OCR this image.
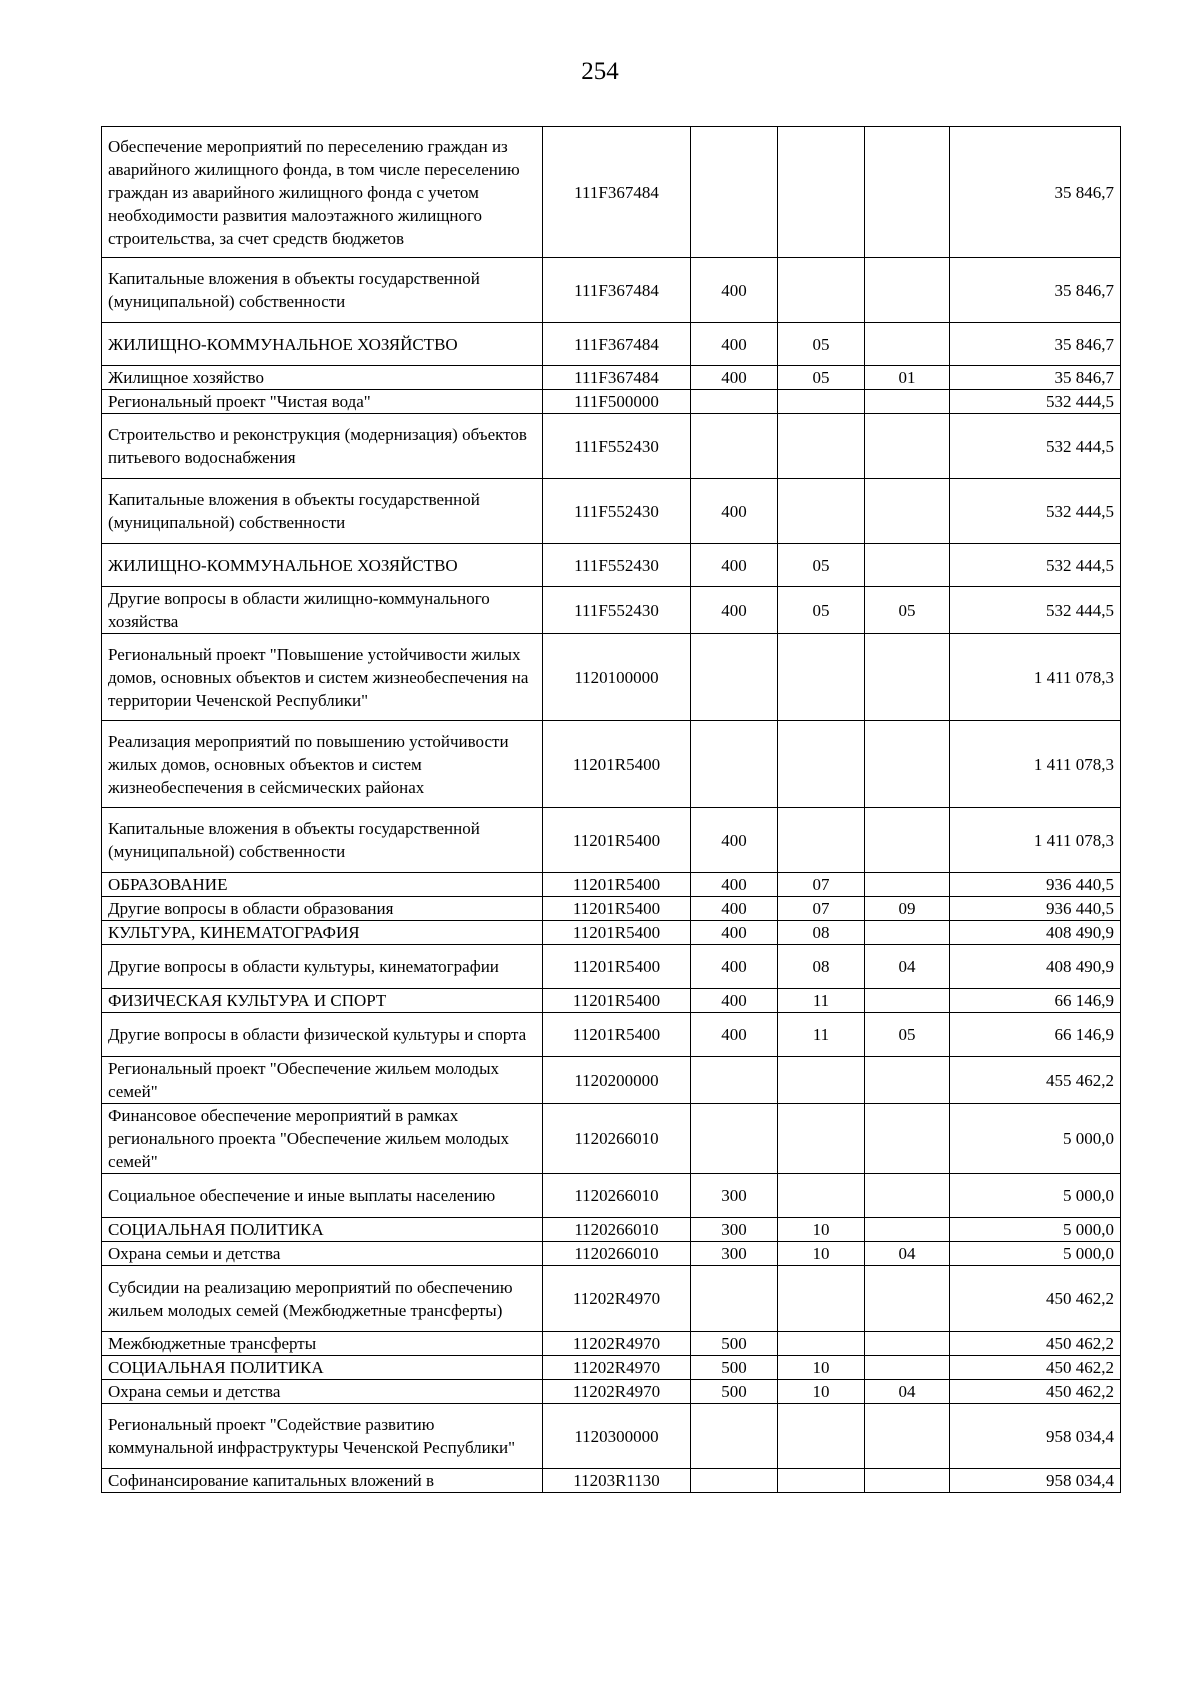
254
Обеспечение мероприятий по переселению граждан из аварийного жилищного фонда, в том числе переселению граждан из аварийного жилищного фонда с учетом необходимости развития малоэтажного жилищного строительства, за счет средств бюджетов	111F367484				35 846,7
Капитальные вложения в объекты государственной (муниципальной) собственности	111F367484	400			35 846,7
ЖИЛИЩНО-КОММУНАЛЬНОЕ ХОЗЯЙСТВО	111F367484	400	05		35 846,7
Жилищное хозяйство	111F367484	400	05	01	35 846,7
Региональный проект "Чистая вода"	111F500000				532 444,5
Строительство и реконструкция (модернизация) объектов питьевого водоснабжения	111F552430				532 444,5
Капитальные вложения в объекты государственной (муниципальной) собственности	111F552430	400			532 444,5
ЖИЛИЩНО-КОММУНАЛЬНОЕ ХОЗЯЙСТВО	111F552430	400	05		532 444,5
Другие вопросы в области жилищно-коммунального хозяйства	111F552430	400	05	05	532 444,5
Региональный проект "Повышение устойчивости жилых домов, основных объектов и систем жизнеобеспечения на территории Чеченской Республики"	1120100000				1 411 078,3
Реализация мероприятий по повышению устойчивости жилых домов, основных объектов и систем жизнеобеспечения в сейсмических районах	11201R5400				1 411 078,3
Капитальные вложения в объекты государственной (муниципальной) собственности	11201R5400	400			1 411 078,3
ОБРАЗОВАНИЕ	11201R5400	400	07		936 440,5
Другие вопросы в области образования	11201R5400	400	07	09	936 440,5
КУЛЬТУРА, КИНЕМАТОГРАФИЯ	11201R5400	400	08		408 490,9
Другие вопросы в области культуры, кинематографии	11201R5400	400	08	04	408 490,9
ФИЗИЧЕСКАЯ КУЛЬТУРА И СПОРТ	11201R5400	400	11		66 146,9
Другие вопросы в области физической культуры и спорта	11201R5400	400	11	05	66 146,9
Региональный проект "Обеспечение жильем молодых семей"	1120200000				455 462,2
Финансовое обеспечение мероприятий в рамках регионального проекта "Обеспечение жильем молодых семей"	1120266010				5 000,0
Социальное обеспечение и иные выплаты населению	1120266010	300			5 000,0
СОЦИАЛЬНАЯ ПОЛИТИКА	1120266010	300	10		5 000,0
Охрана семьи и детства	1120266010	300	10	04	5 000,0
Субсидии на реализацию мероприятий по обеспечению жильем молодых семей (Межбюджетные трансферты)	11202R4970				450 462,2
Межбюджетные трансферты	11202R4970	500			450 462,2
СОЦИАЛЬНАЯ ПОЛИТИКА	11202R4970	500	10		450 462,2
Охрана семьи и детства	11202R4970	500	10	04	450 462,2
Региональный проект "Содействие развитию коммунальной инфраструктуры Чеченской Республики"	1120300000				958 034,4
Софинансирование капитальных вложений в	11203R1130				958 034,4
